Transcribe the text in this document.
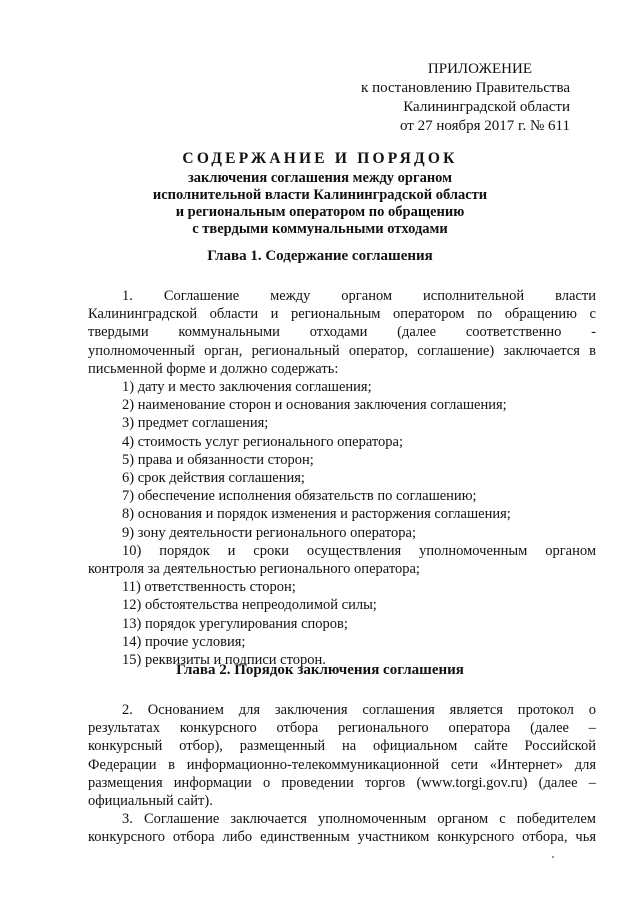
ПРИЛОЖЕНИЕ
к постановлению Правительства
Калининградской области
от 27 ноября 2017 г. № 611
СОДЕРЖАНИЕ И ПОРЯДОК
заключения соглашения между органом
исполнительной власти Калининградской области
и региональным оператором по обращению
с твердыми коммунальными отходами
Глава 1. Содержание соглашения
1. Соглашение между органом исполнительной власти
Калининградской области и региональным оператором по обращению с
твердыми коммунальными отходами (далее соответственно -
уполномоченный орган, региональный оператор, соглашение) заключается в
письменной форме и должно содержать:
1) дату и место заключения соглашения;
2) наименование сторон и основания заключения соглашения;
3) предмет соглашения;
4) стоимость услуг регионального оператора;
5) права и обязанности сторон;
6) срок действия соглашения;
7) обеспечение исполнения обязательств по соглашению;
8) основания и порядок изменения и расторжения соглашения;
9) зону деятельности регионального оператора;
10) порядок и сроки осуществления уполномоченным органом
контроля за деятельностью регионального оператора;
11) ответственность сторон;
12) обстоятельства непреодолимой силы;
13) порядок урегулирования споров;
14) прочие условия;
15) реквизиты и подписи сторон.
Глава 2. Порядок заключения соглашения
2. Основанием для заключения соглашения является протокол о
результатах конкурсного отбора регионального оператора (далее –
конкурсный отбор), размещенный на официальном сайте Российской
Федерации в информационно-телекоммуникационной сети «Интернет» для
размещения информации о проведении торгов (www.torgi.gov.ru) (далее –
официальный сайт).
3. Соглашение заключается уполномоченным органом с победителем
конкурсного отбора либо единственным участником конкурсного отбора, чья
